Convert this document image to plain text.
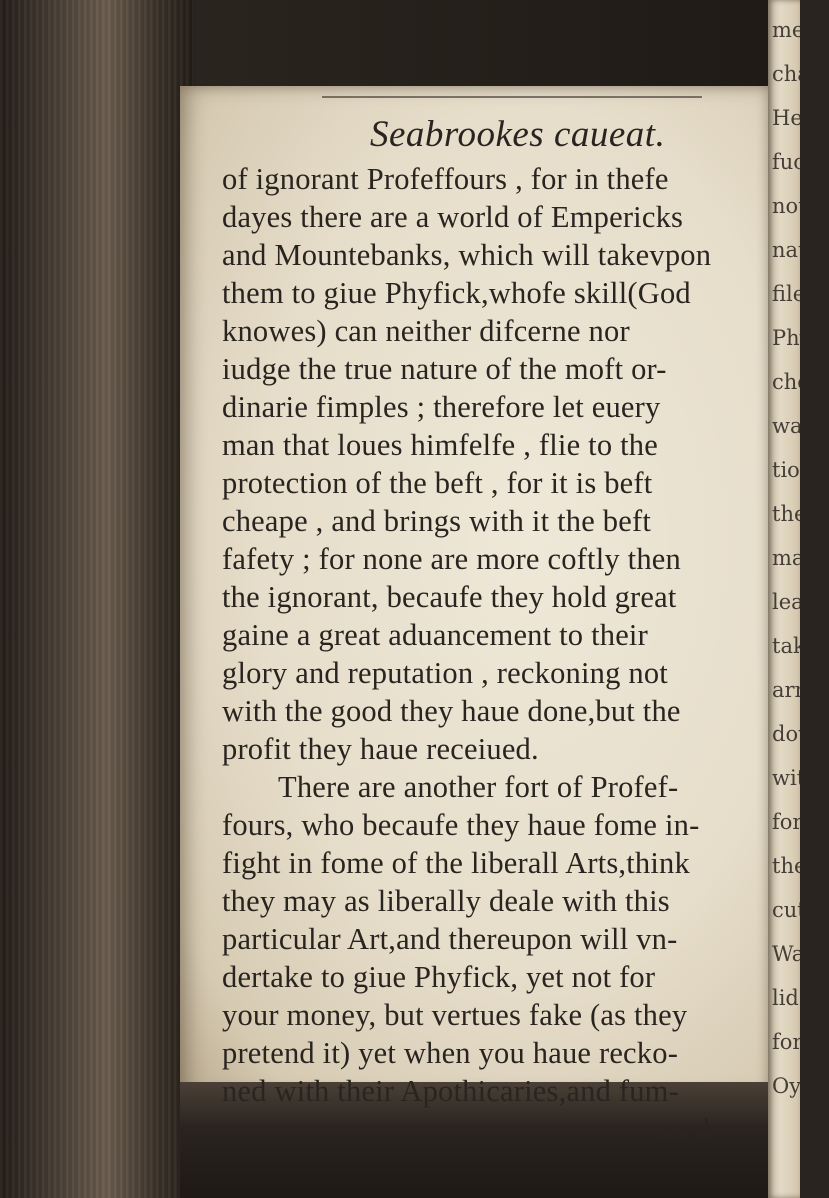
med
char
Hea
fuch
not
natu
file
Phyf
chea
wali
tion
the
mad
learn
take
arm
dow
with
fort
there
cut
Was
lids
fore
Oynt
Seabrookes caueat.
of ignorant Profeffours , for in thefe
dayes there are a world of Empericks
and Mountebanks, which will takevpon
them to giue Phyfick,whofe skill(God
knowes) can neither difcerne nor
iudge the true nature of the moft or-
dinarie fimples ; therefore let euery
man that loues himfelfe , flie to the
protection of the beft , for it is beft
cheape , and brings with it the beft
fafety ; for none are more coftly then
the ignorant, becaufe they hold great
gaine a great aduancement to their
glory and reputation , reckoning not
with the good they haue done,but the
profit they haue receiued.
There are another fort of Profef-
fours, who becaufe they haue fome in-
fight in fome of the liberall Arts,think
they may as liberally deale with this
particular Art,and thereupon will vn-
dertake to giue Phyfick, yet not for
your money, but vertues fake (as they
pretend it) yet when you haue recko-
ned with their Apothicaries,and fum-
med
